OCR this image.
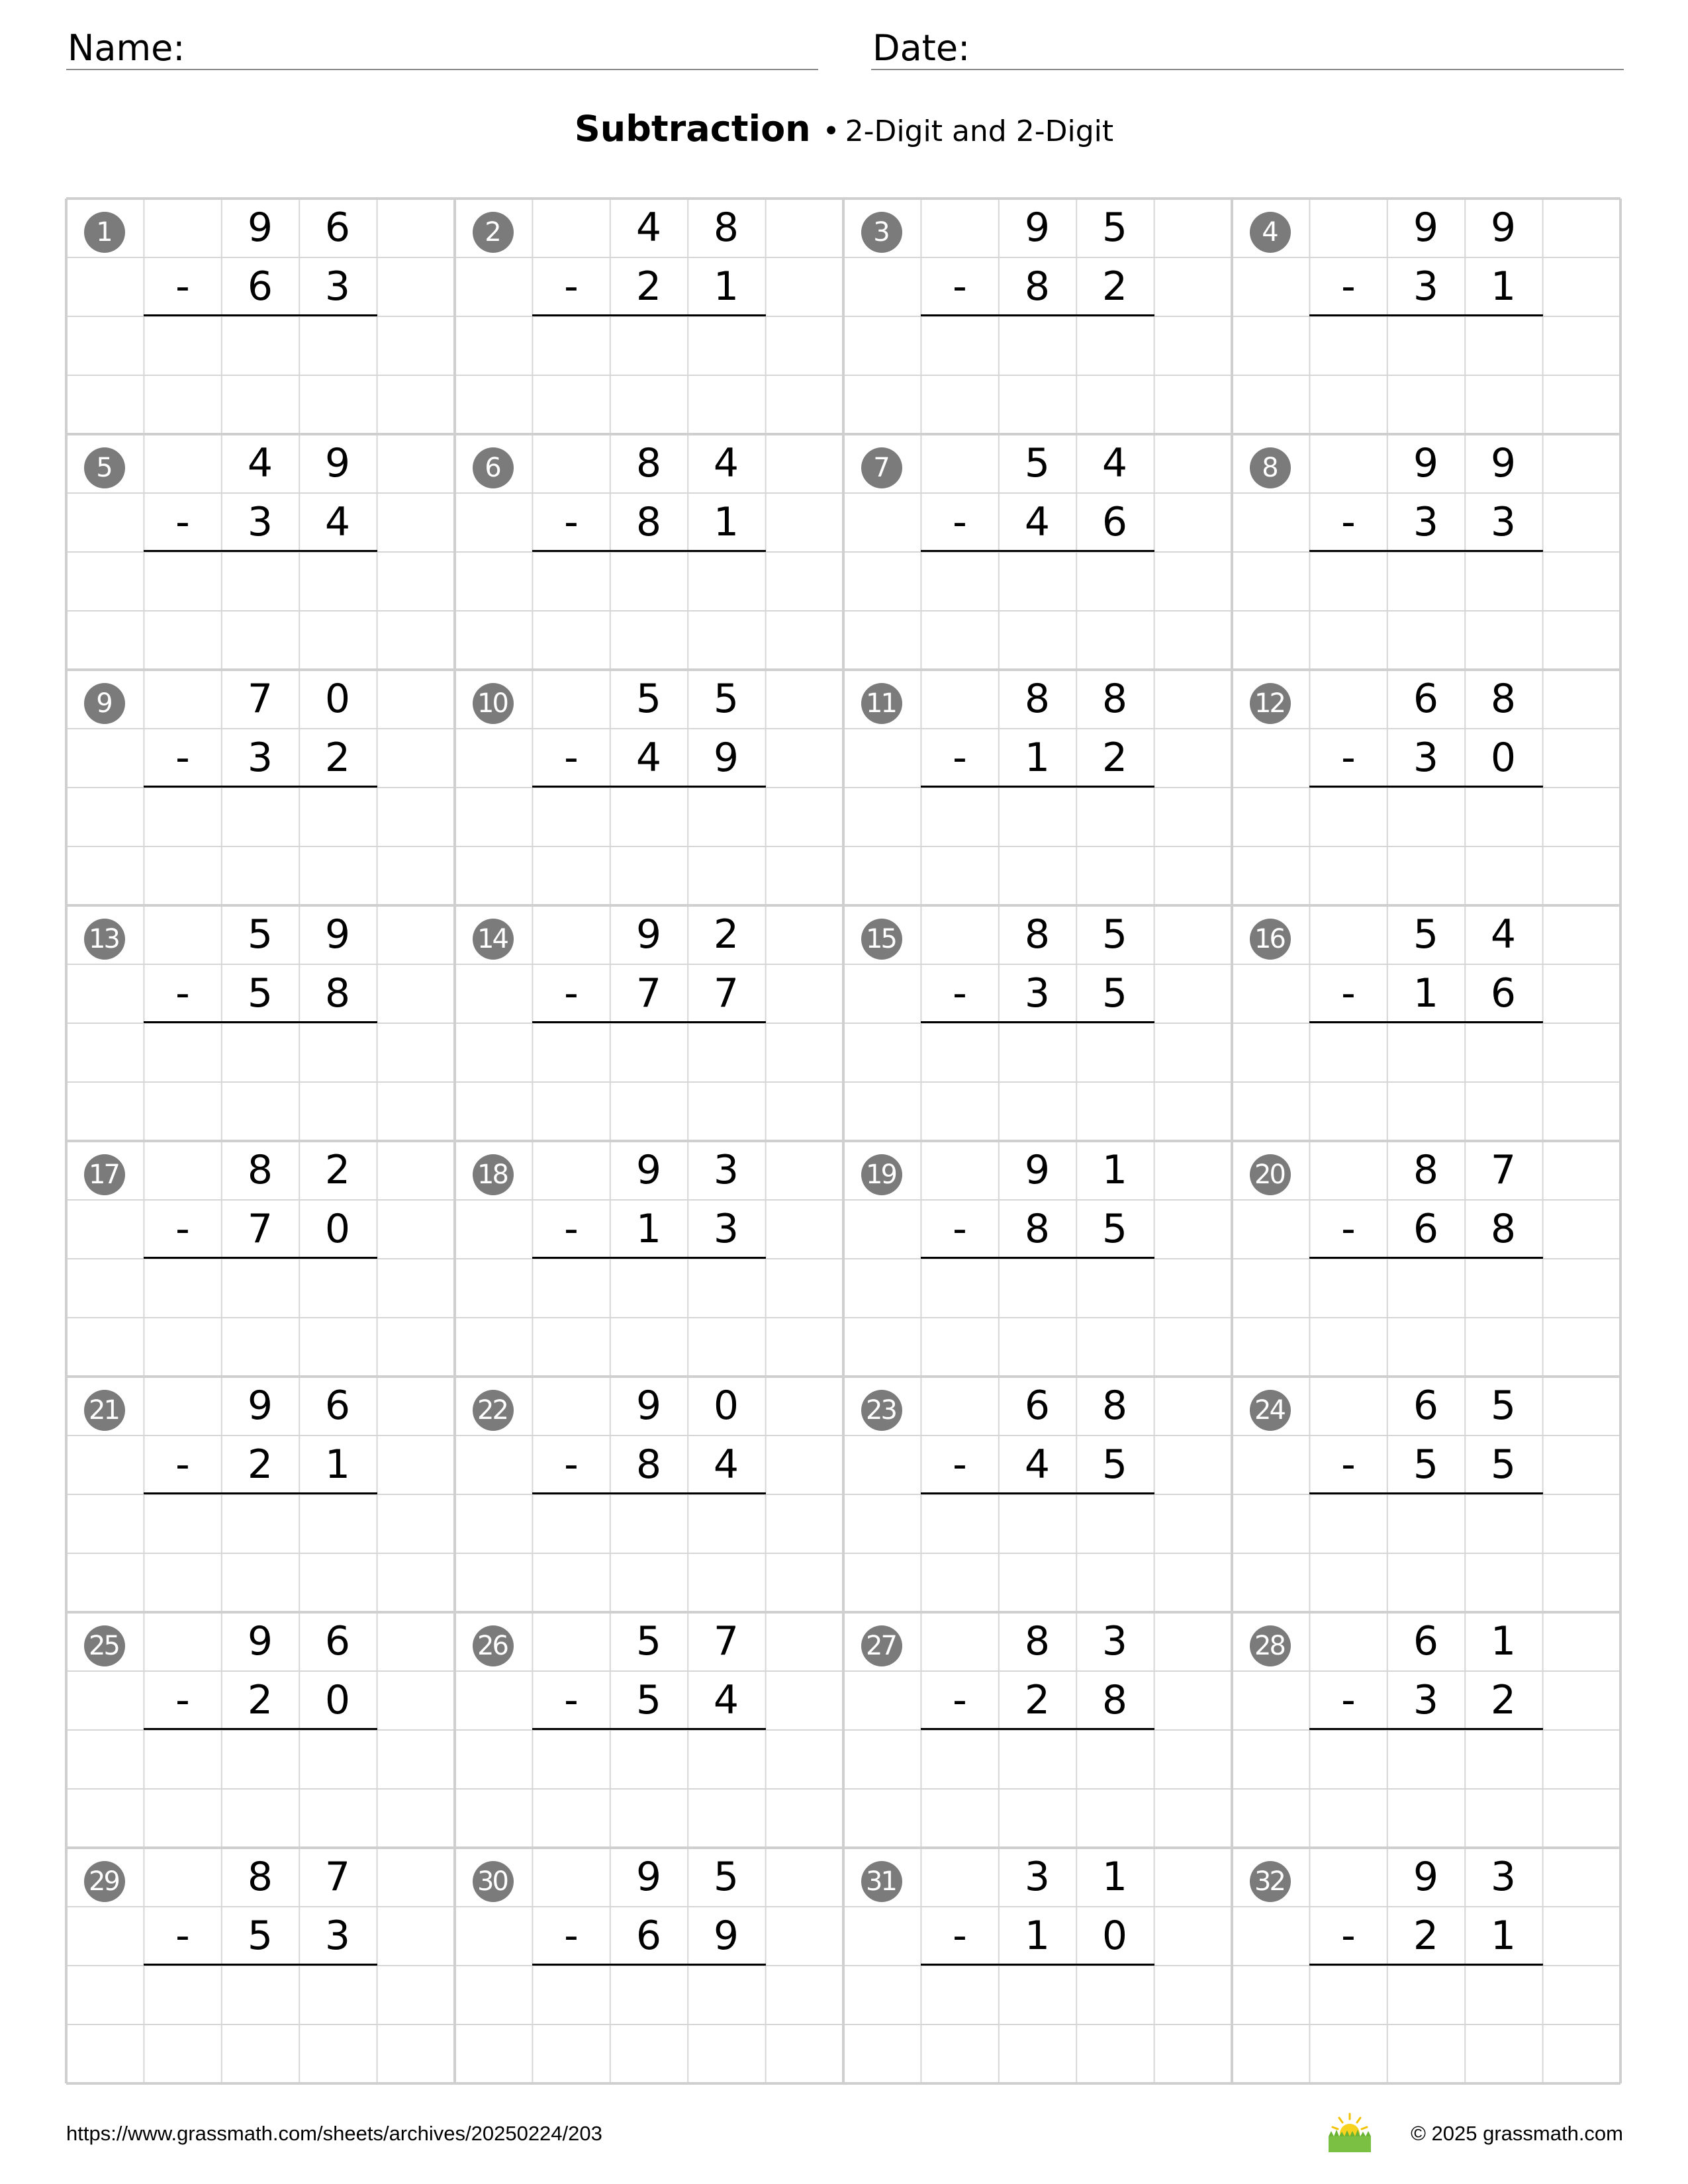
Name:	Date:
Subtraction • 2-Digit and 2-Digit
1	9	6
-	6	3
2	4	8
-	2	1
3	9	5
-	8	2
4	9	9
-	3	1
5	4	9
-	3	4
6	8	4
-	8	1
7	5	4
-	4	6
8	9	9
-	3	3
9	7	0
-	3	2
10	5	5
-	4	9
11	8	8
-	1	2
12	6	8
-	3	0
13	5	9
-	5	8
14	9	2
-	7	7
15	8	5
-	3	5
16	5	4
-	1	6
17	8	2
-	7	0
18	9	3
-	1	3
19	9	1
-	8	5
20	8	7
-	6	8
21	9	6
-	2	1
22	9	0
-	8	4
23	6	8
-	4	5
24	6	5
-	5	5
25	9	6
-	2	0
26	5	7
-	5	4
27	8	3
-	2	8
28	6	1
-	3	2
29	8	7
-	5	3
30	9	5
-	6	9
31	3	1
-	1	0
32	9	3
-	2	1
https://www.grassmath.com/sheets/archives/20250224/203	© 2025 grassmath.com
